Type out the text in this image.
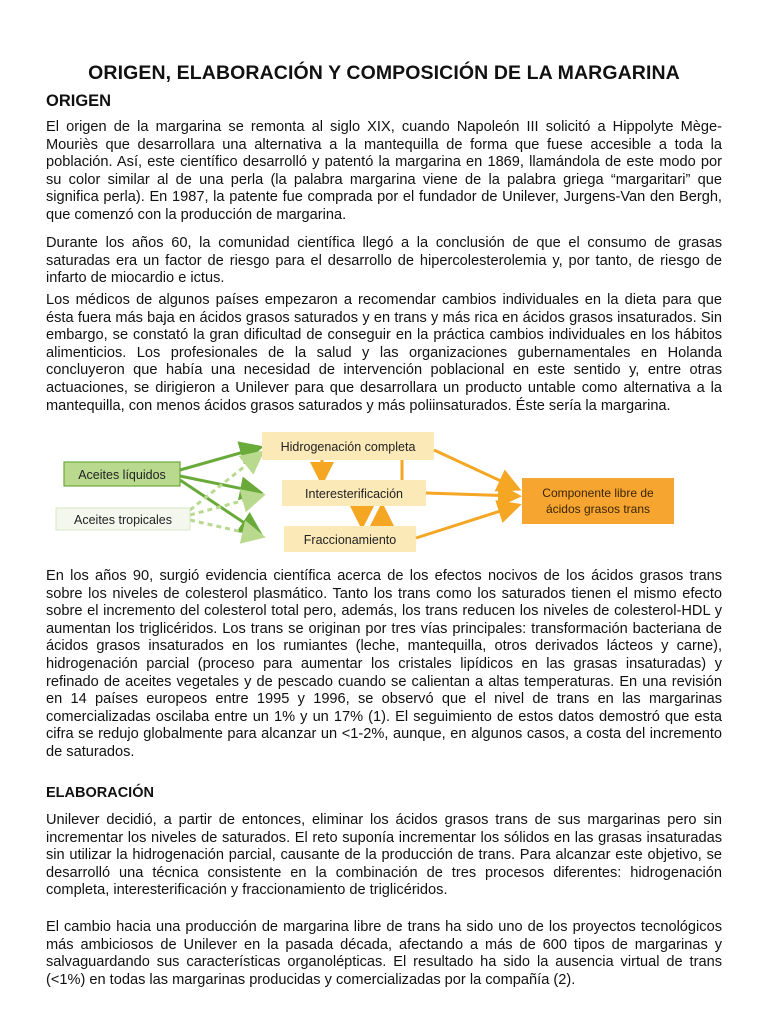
ORIGEN, ELABORACIÓN Y COMPOSICIÓN DE LA MARGARINA
ORIGEN

El origen de la margarina se remonta al siglo XIX, cuando Napoleón III solicitó a Hippolyte Mège-Mouriès que desarrollara una alternativa a la mantequilla de forma que fuese accesible a toda la población. Así, este científico desarrolló y patentó la margarina en 1869, llamándola de este modo por su color similar al de una perla (la palabra margarina viene de la palabra griega “margaritari” que significa perla). En 1987, la patente fue comprada por el fundador de Unilever, Jurgens-Van den Bergh, que comenzó con la producción de margarina.

Durante los años 60, la comunidad científica llegó a la conclusión de que el consumo de grasas saturadas era un factor de riesgo para el desarrollo de hipercolesterolemia y, por tanto, de riesgo de infarto de miocardio e ictus.

Los médicos de algunos países empezaron a recomendar cambios individuales en la dieta para que ésta fuera más baja en ácidos grasos saturados y en trans y más rica en ácidos grasos insaturados. Sin embargo, se constató la gran dificultad de conseguir en la práctica cambios individuales en los hábitos alimenticios. Los profesionales de la salud y las organizaciones gubernamentales en Holanda concluyeron que había una necesidad de intervención poblacional en este sentido y, entre otras actuaciones, se dirigieron a Unilever para que desarrollara un producto untable como alternativa a la mantequilla, con menos ácidos grasos saturados y más poliinsaturados. Éste sería la margarina.

Aceites líquidos
Aceites tropicales
Hidrogenación completa
Interesterificación
Fraccionamiento
Componente libre de
ácidos grasos trans

En los años 90, surgió evidencia científica acerca de los efectos nocivos de los ácidos grasos trans sobre los niveles de colesterol plasmático. Tanto los trans como los saturados tienen el mismo efecto sobre el incremento del colesterol total pero, además, los trans reducen los niveles de colesterol-HDL y aumentan los triglicéridos. Los trans se originan por tres vías principales: transformación bacteriana de ácidos grasos insaturados en los rumiantes (leche, mantequilla, otros derivados lácteos y carne), hidrogenación parcial (proceso para aumentar los cristales lipídicos en las grasas insaturadas) y refinado de aceites vegetales y de pescado cuando se calientan a altas temperaturas. En una revisión en 14 países europeos entre 1995 y 1996, se observó que el nivel de trans en las margarinas comercializadas oscilaba entre un 1% y un 17% (1). El seguimiento de estos datos demostró que esta cifra se redujo globalmente para alcanzar un <1-2%, aunque, en algunos casos, a costa del incremento de saturados.

ELABORACIÓN

Unilever decidió, a partir de entonces, eliminar los ácidos grasos trans de sus margarinas pero sin incrementar los niveles de saturados. El reto suponía incrementar los sólidos en las grasas insaturadas sin utilizar la hidrogenación parcial, causante de la producción de trans. Para alcanzar este objetivo, se desarrolló una técnica consistente en la combinación de tres procesos diferentes: hidrogenación completa, interesterificación y fraccionamiento de triglicéridos.

El cambio hacia una producción de margarina libre de trans ha sido uno de los proyectos tecnológicos más ambiciosos de Unilever en la pasada década, afectando a más de 600 tipos de margarinas y salvaguardando sus características organolépticas. El resultado ha sido la ausencia virtual de trans (<1%) en todas las margarinas producidas y comercializadas por la compañía (2).
